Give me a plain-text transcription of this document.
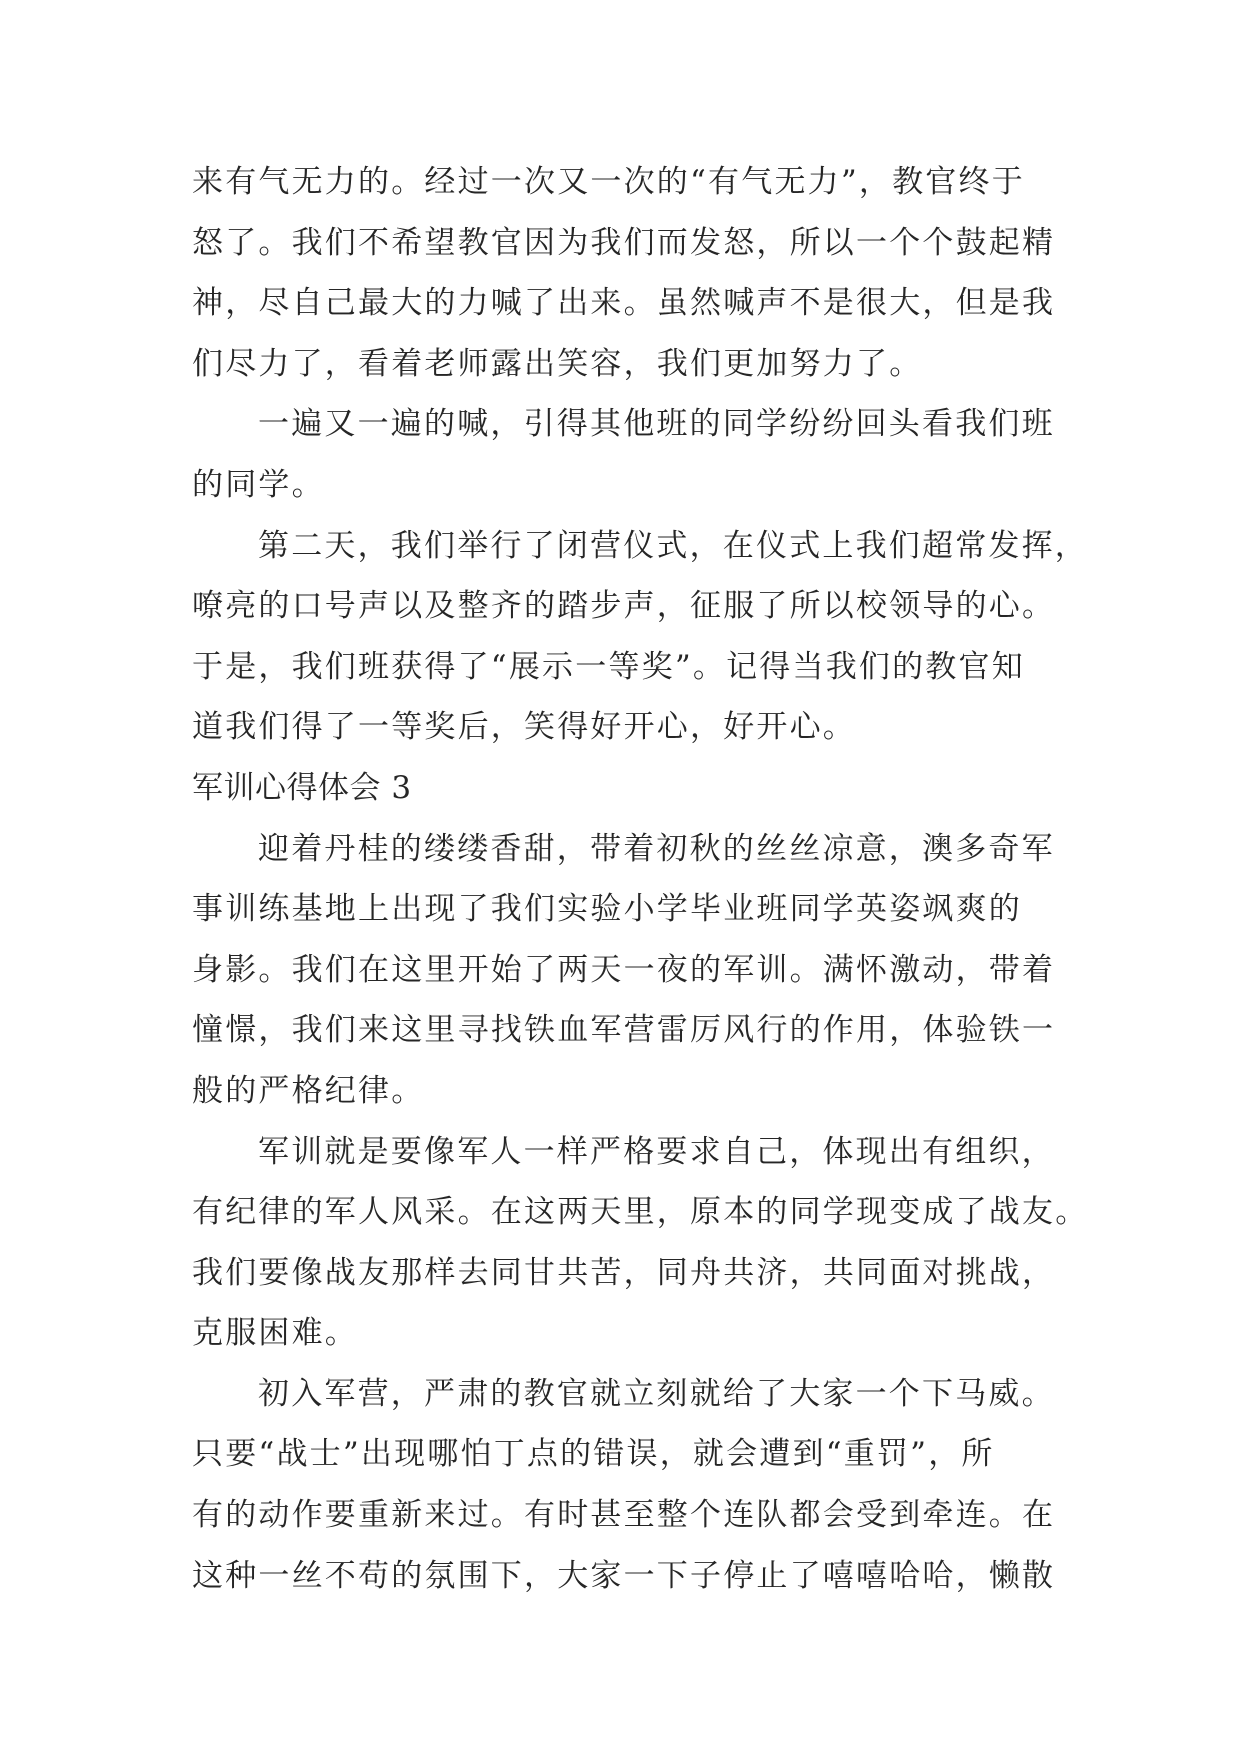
来有气无力的。经过一次又一次的“有气无力”，教官终于
怒了。我们不希望教官因为我们而发怒，所以一个个鼓起精
神，尽自己最大的力喊了出来。虽然喊声不是很大，但是我
们尽力了，看着老师露出笑容，我们更加努力了。
一遍又一遍的喊，引得其他班的同学纷纷回头看我们班
的同学。
第二天，我们举行了闭营仪式，在仪式上我们超常发挥，
嘹亮的口号声以及整齐的踏步声，征服了所以校领导的心。
于是，我们班获得了“展示一等奖”。记得当我们的教官知
道我们得了一等奖后，笑得好开心，好开心。
军训心得体会 3
迎着丹桂的缕缕香甜，带着初秋的丝丝凉意，澳多奇军
事训练基地上出现了我们实验小学毕业班同学英姿飒爽的
身影。我们在这里开始了两天一夜的军训。满怀激动，带着
憧憬，我们来这里寻找铁血军营雷厉风行的作用，体验铁一
般的严格纪律。
军训就是要像军人一样严格要求自己，体现出有组织，
有纪律的军人风采。在这两天里，原本的同学现变成了战友。
我们要像战友那样去同甘共苦，同舟共济，共同面对挑战，
克服困难。
初入军营，严肃的教官就立刻就给了大家一个下马威。
只要“战士”出现哪怕丁点的错误，就会遭到“重罚”，所
有的动作要重新来过。有时甚至整个连队都会受到牵连。在
这种一丝不苟的氛围下，大家一下子停止了嘻嘻哈哈，懒散
